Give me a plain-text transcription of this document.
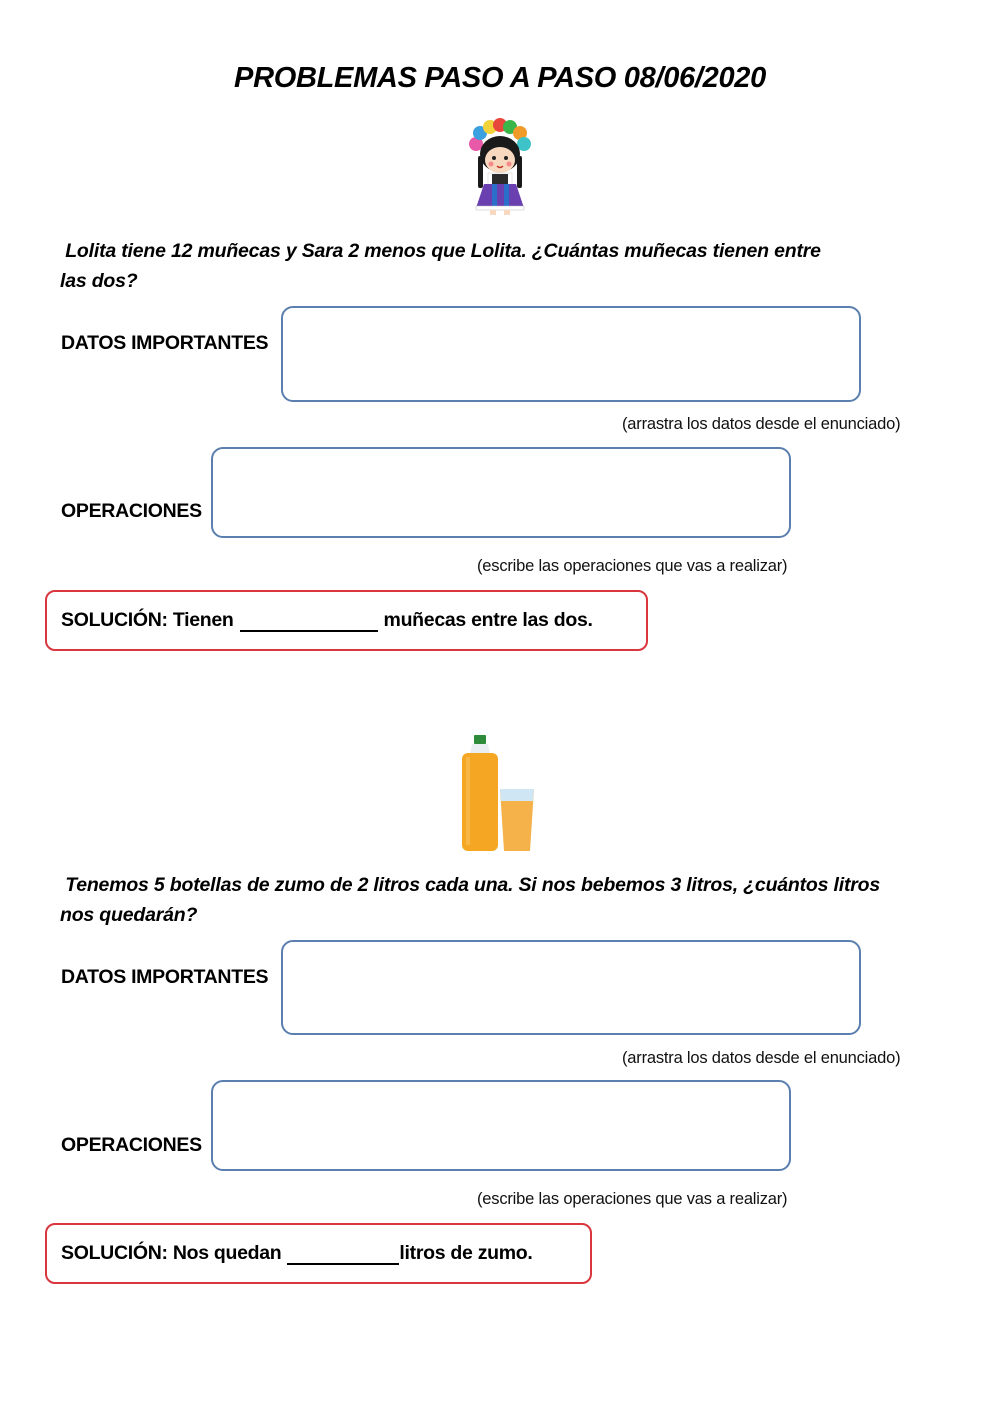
PROBLEMAS PASO A PASO 08/06/2020
Lolita tiene 12 muñecas y Sara 2 menos que Lolita. ¿Cuántas muñecas tienen entre
las dos?
DATOS IMPORTANTES
(arrastra los datos desde el enunciado)
OPERACIONES
(escribe las operaciones que vas a realizar)
SOLUCIÓN: Tienen	muñecas entre las dos.
Tenemos 5 botellas de zumo de 2 litros cada una. Si nos bebemos 3 litros, ¿cuántos litros
nos quedarán?
DATOS IMPORTANTES
(arrastra los datos desde el enunciado)
OPERACIONES
(escribe las operaciones que vas a realizar)
SOLUCIÓN: Nos quedan	litros de zumo.
